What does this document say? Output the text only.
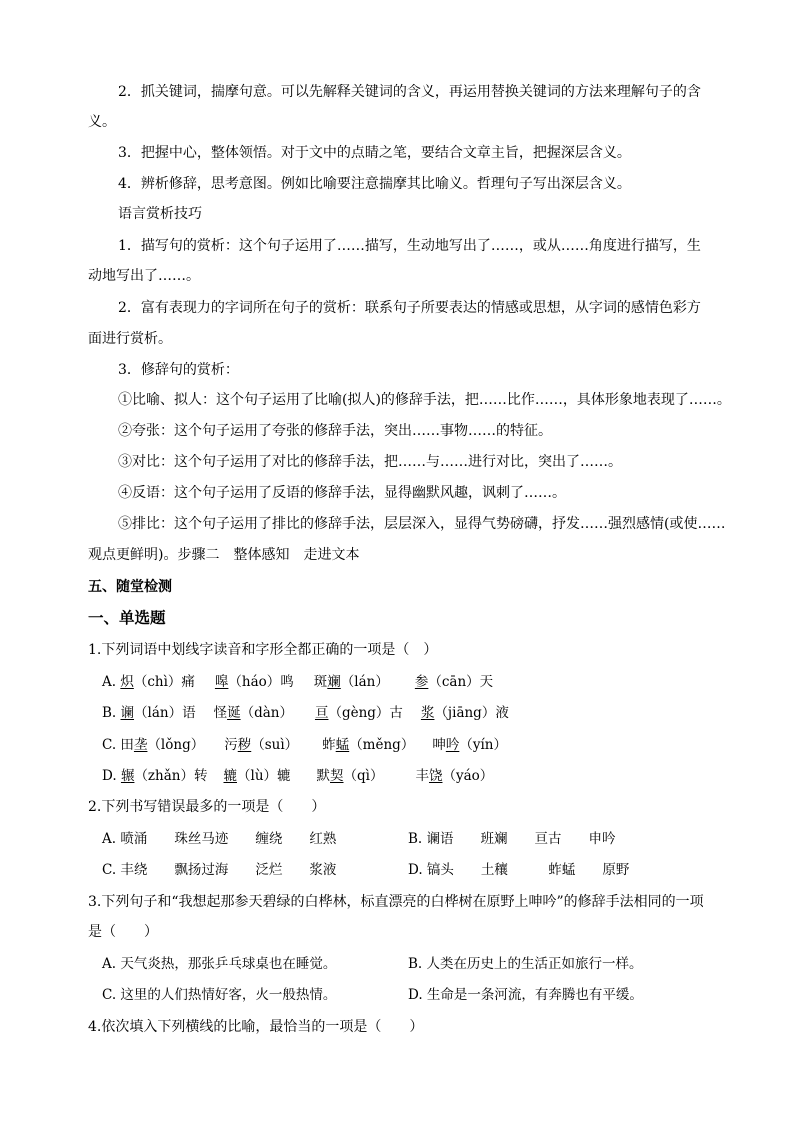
2．抓关键词，揣摩句意。可以先解释关键词的含义，再运用替换关键词的方法来理解句子的含
义。
3．把握中心，整体领悟。对于文中的点睛之笔，要结合文章主旨，把握深层含义。
4．辨析修辞，思考意图。例如比喻要注意揣摩其比喻义。哲理句子写出深层含义。
语言赏析技巧
1．描写句的赏析：这个句子运用了……描写，生动地写出了……，或从……角度进行描写，生
动地写出了……。
2．富有表现力的字词所在句子的赏析：联系句子所要表达的情感或思想，从字词的感情色彩方
面进行赏析。
3．修辞句的赏析：
①比喻、拟人：这个句子运用了比喻(拟人)的修辞手法，把……比作……，具体形象地表现了……。
②夸张：这个句子运用了夸张的修辞手法，突出……事物……的特征。
③对比：这个句子运用了对比的修辞手法，把……与……进行对比，突出了……。
④反语：这个句子运用了反语的修辞手法，显得幽默风趣，讽刺了……。
⑤排比：这个句子运用了排比的修辞手法，层层深入，显得气势磅礴，抒发……强烈感情(或使……
观点更鲜明)。步骤二　整体感知　走进文本
五、随堂检测
一、单选题
1.下列词语中划线字读音和字形全都正确的一项是（　）
A. 炽（chì）痛 嗥（háo）鸣 斑斓（lán） 参（cān）天
B. 谰（lán）语 怪诞（dàn） 亘（gèng）古 浆（jiāng）液
C. 田垄（lǒng） 污秽（suì） 蚱蜢（měng） 呻吟（yín）
D. 辗（zhǎn）转 辘（lù）辘 默契（qì） 丰饶（yáo）
2.下列书写错误最多的一项是（　　）
A. 喷涌　　珠丝马迹　　缠绕　　红熟	B. 谰语　　班斓　　亘古　　申吟
C. 丰绕　　飘扬过海　　泛烂　　浆液	D. 镐头　　土穰　　　蚱蜢　　原野
3.下列句子和“我想起那参天碧绿的白桦林，标直漂亮的白桦树在原野上呻吟”的修辞手法相同的一项
是（　　）
A. 天气炎热，那张乒乓球桌也在睡觉。	B. 人类在历史上的生活正如旅行一样。
C. 这里的人们热情好客，火一般热情。	D. 生命是一条河流，有奔腾也有平缓。
4.依次填入下列横线的比喻，最恰当的一项是（　　）
